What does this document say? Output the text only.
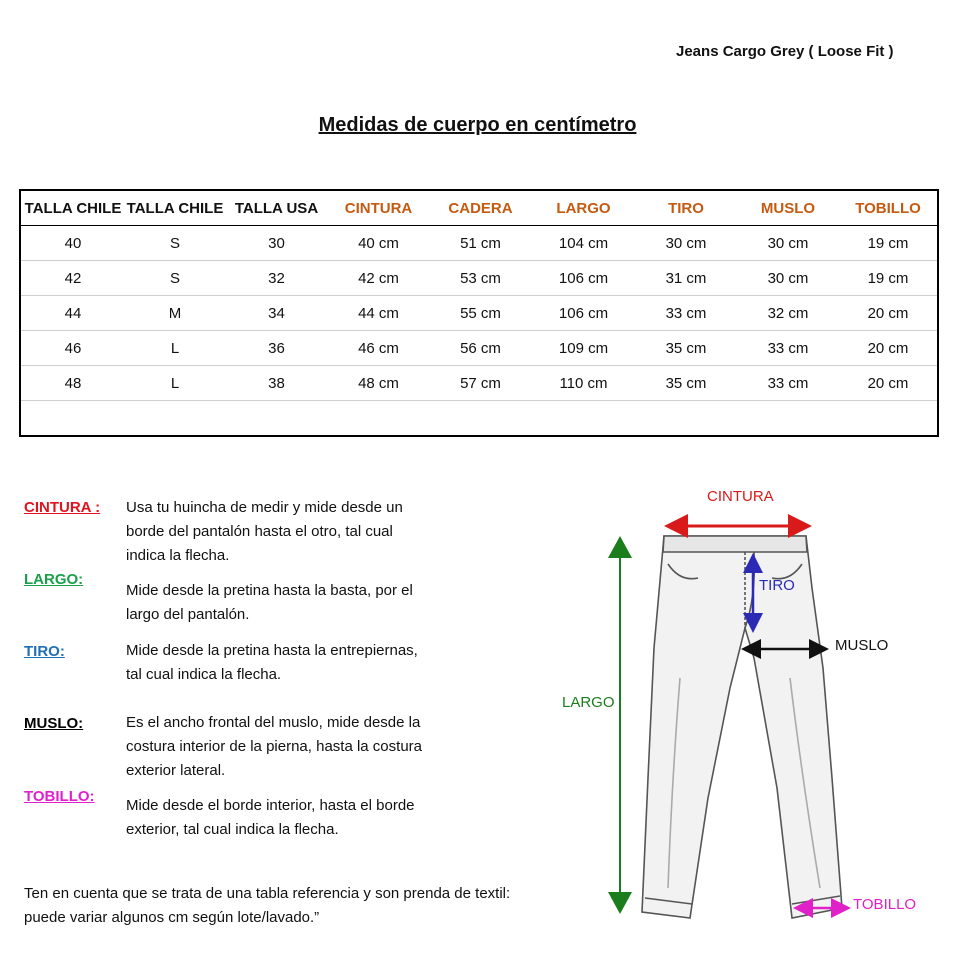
Jeans Cargo Grey ( Loose Fit )
Medidas de cuerpo en centímetro
TALLA CHILE	TALLA CHILE	TALLA USA	CINTURA	CADERA	LARGO	TIRO	MUSLO	TOBILLO
40	S	30	40 cm	51 cm	104 cm	30 cm	30 cm	19 cm
42	S	32	42 cm	53 cm	106 cm	31 cm	30 cm	19 cm
44	M	34	44 cm	55 cm	106 cm	33 cm	32 cm	20 cm
46	L	36	46 cm	56 cm	109 cm	35 cm	33 cm	20 cm
48	L	38	48 cm	57 cm	110 cm	35 cm	33 cm	20 cm

CINTURA : Usa tu huincha de medir y mide desde un borde del pantalón hasta el otro, tal cual indica la flecha.
LARGO:
Mide desde la pretina hasta la basta, por el largo del pantalón.
TIRO:	Mide desde la pretina hasta la entrepiernas, tal cual indica la flecha.
MUSLO:	Es el ancho frontal del muslo, mide desde la costura interior de la pierna, hasta la costura exterior lateral.
TOBILLO:
Mide desde el borde interior, hasta el borde exterior, tal cual indica la flecha.
Ten en cuenta que se trata de una tabla referencia y son prenda de textil: puede variar algunos cm según lote/lavado.”
CINTURA
TIRO
MUSLO
LARGO
TOBILLO
